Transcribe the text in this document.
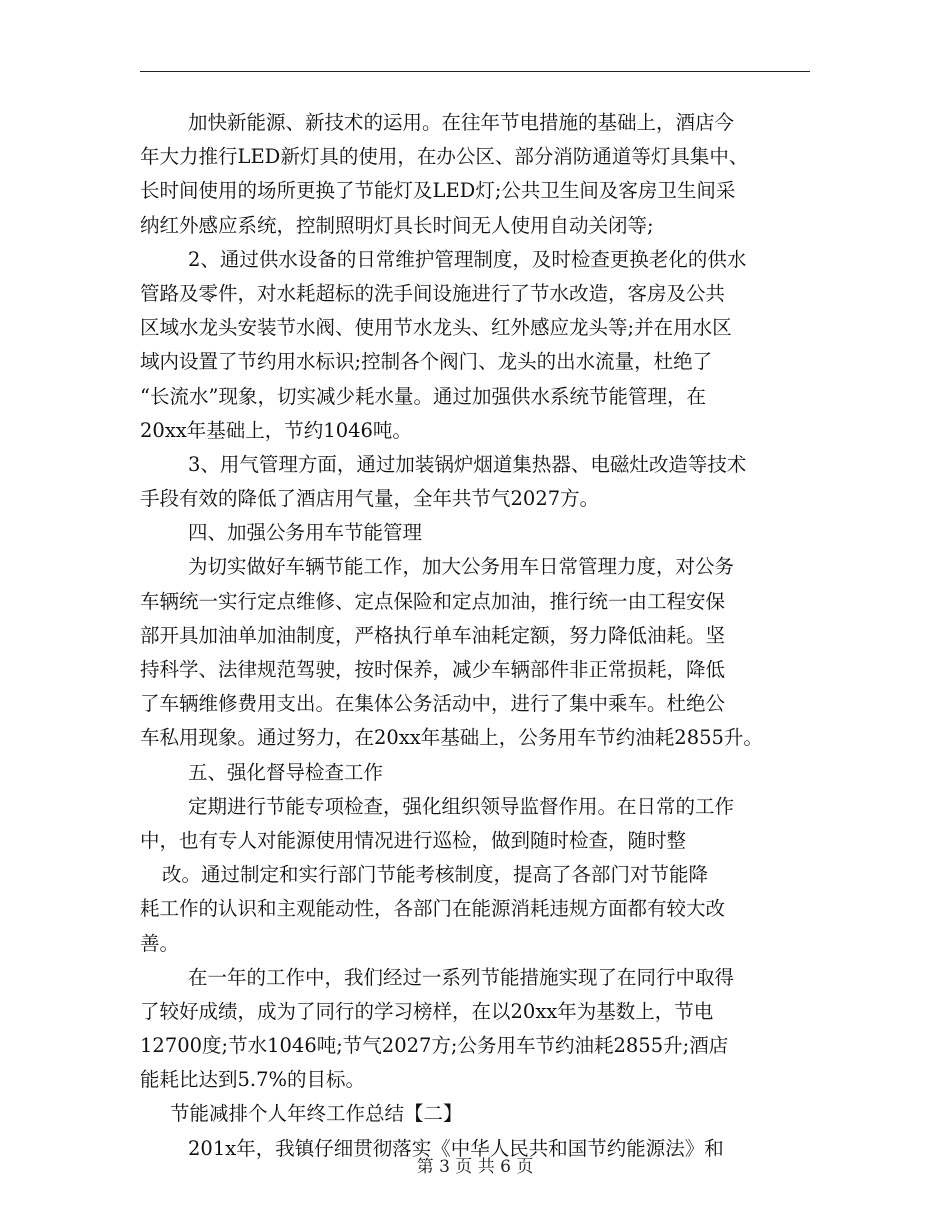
加快新能源、新技术的运用。在往年节电措施的基础上，酒店今
年大力推行LED新灯具的使用，在办公区、部分消防通道等灯具集中、
长时间使用的场所更换了节能灯及LED灯;公共卫生间及客房卫生间采
纳红外感应系统，控制照明灯具长时间无人使用自动关闭等;
2、通过供水设备的日常维护管理制度，及时检查更换老化的供水
管路及零件，对水耗超标的洗手间设施进行了节水改造，客房及公共
区域水龙头安装节水阀、使用节水龙头、红外感应龙头等;并在用水区
域内设置了节约用水标识;控制各个阀门、龙头的出水流量，杜绝了
“长流水”现象，切实减少耗水量。通过加强供水系统节能管理，在
20xx年基础上，节约1046吨。
3、用气管理方面，通过加装锅炉烟道集热器、电磁灶改造等技术
手段有效的降低了酒店用气量，全年共节气2027方。
四、加强公务用车节能管理
为切实做好车辆节能工作，加大公务用车日常管理力度，对公务
车辆统一实行定点维修、定点保险和定点加油，推行统一由工程安保
部开具加油单加油制度，严格执行单车油耗定额，努力降低油耗。坚
持科学、法律规范驾驶，按时保养，减少车辆部件非正常损耗，降低
了车辆维修费用支出。在集体公务活动中，进行了集中乘车。杜绝公
车私用现象。通过努力，在20xx年基础上，公务用车节约油耗2855升。
五、强化督导检查工作
定期进行节能专项检查，强化组织领导监督作用。在日常的工作
中，也有专人对能源使用情况进行巡检，做到随时检查，随时整
改。通过制定和实行部门节能考核制度，提高了各部门对节能降
耗工作的认识和主观能动性，各部门在能源消耗违规方面都有较大改
善。
在一年的工作中，我们经过一系列节能措施实现了在同行中取得
了较好成绩，成为了同行的学习榜样，在以20xx年为基数上，节电
12700度;节水1046吨;节气2027方;公务用车节约油耗2855升;酒店
能耗比达到5.7%的目标。
节能减排个人年终工作总结【二】
201x年，我镇仔细贯彻落实《中华人民共和国节约能源法》和
第 3 页 共 6 页
